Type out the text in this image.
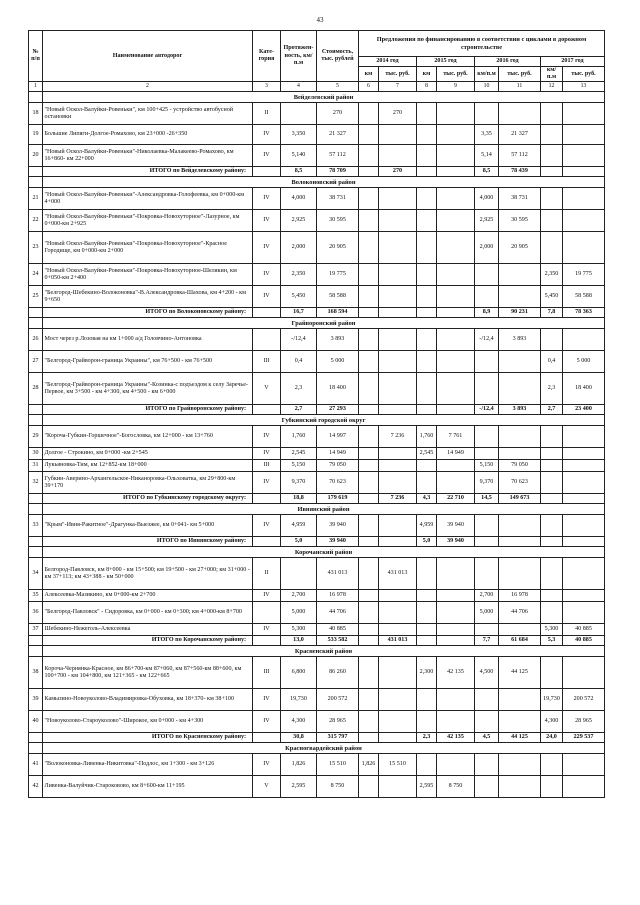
43
№ п/п	Наименование автодорог	Кате- гория	Протяжен- ность, км/п.м	Стоимость, тыс. рублей	Предложения по финансированию в соответствии с циклами в дорожном строительстве							
					2014 год		2015 год		2016 год		2017 год	
					км	тыс. руб.	км	тыс. руб.	км/п.м	тыс. руб.	км/п.м	тыс. руб.
1	2	3	4	5	6	7	8	9	10	11	12	13
	Вейделевский район											
18	"Новый Оскол-Валуйки-Ровеньки", км 100+425 - устройство автобусной остановки	II		270		270						
19	Большие Липяги-Долгое-Ромахово, км 23+000 -26+350	IV	3,350	21 327					3,35	21 327		
20	"Новый Оскол-Валуйки-Ровеньки"-Николаевка-Малакеево-Ромахово, км 16+860- км 22+000	IV	5,140	57 112					5,14	57 112		
	ИТОГО по Вейделевскому району:		8,5	78 709		270			8,5	78 439		
	Волоконовский район											
21	"Новый Оскол-Валуйки-Ровеньки"-Александровка-Голофеевка, км 0+000-км 4+000	IV	4,000	38 731					4,000	38 731		
22	"Новый Оскол-Валуйки-Ровеньки"-Покровка-Новохуторное"-Лазурное, км 0+000-км 2+925	IV	2,925	30 595					2,925	30 595		
23	"Новый Оскол-Валуйки-Ровеньки"-Покровка-Новохуторное"-Красное Городище, км 0+000-км 2+000	IV	2,000	20 905					2,000	20 905		
24	"Новый Оскол-Валуйки-Ровеньки"-Покровка-Новохуторное-Шелякин, км 0+050-км 2+400	IV	2,350	19 775							2,350	19 775
25	"Белгород-Шебекино-Волоконовка"-В.Александровка-Шахова, км 4+200 - км 9+650	IV	5,450	58 588							5,450	58 588
	ИТОГО по Волоконовскому району:		16,7	168 594					8,9	90 231	7,8	78 363
	Грайворонский район											
26	Мост через р.Лозовая на км 1+000 а/д Головчино-Антоновка		-/12,4	3 893					-/12,4	3 893		
27	"Белгород-Грайворон-граница Украины", км 76+500 - км 76+500	III	0,4	5 000							0,4	5 000
28	"Белгород-Грайворон-граница Украины"-Козинка-с подъездом к селу Заречье-Первое, км 3+500 - км 4+300, км 4+500 - км 6+000	V	2,3	18 400							2,3	18 400
	ИТОГО по Грайворонскому району:		2,7	27 293					-/12,4	3 893	2,7	23 400
	Губкинский городской округ											
29	"Короча-Губкин-Горшечное"-Богословка, км 12+000 - км 13+760	IV	1,760	14 997		7 236	1,760	7 761				
30	Долгое - Строкино, км 0+000 -км 2+545	IV	2,545	14 949			2,545	14 949				
31	Лукьяновка-Тим, км 12+852-км 18+000	III	5,150	79 050					5,150	79 050		
32	Губкин-Аверино-Архангельское-Никаноровка-Ольховатка, км 29+800-км 39+170	IV	9,370	70 623					9,370	70 623		
	ИТОГО по Губкинскому городскому округу:		18,8	179 619		7 236	4,3	22 710	14,5	149 673		
	Ивнянский район											
33	"Крым"-Ивня-Ракитное"-Драгунка-Выезжее, км 0+041- км 5+000	IV	4,959	39 940			4,959	39 940				
	ИТОГО по Ивнянскому району:		5,0	39 940			5,0	39 940				
	Корочанский район											
34	Белгород-Павловск, км 8+000 - км 15+500; км 19+500 - км 27+000; км 31+000 - км 37+113; км 43+388 - км 50+000	II		431 013		431 013						
35	Алексеевка-Мазикино, км 0+000-км 2+700	IV	2,700	16 978					2,700	16 978		
36	"Белгород-Павловск" - Сидоровка, км 0+000 - км 0+300; км 4+000-км 8+700		5,000	44 706					5,000	44 706		
37	Шебекино-Нежеголь-Алексеевка	IV	5,300	40 885							5,300	40 885
	ИТОГО по Корочанскому району:		13,0	533 582		431 013			7,7	61 684	5,3	40 885
	Красненский район											
38	Короча-Чернянка-Красное, км 86+700-км 87+060, км 87+560-км 88+600, км 100+700 - км 104+800, км 121+365 - км 122+665	III	6,800	86 260			2,300	42 135	4,500	44 125		
39	Камызино-Новоуколово-Владимировка-Обуховка, км 18+370- км 38+100	IV	19,730	200 572							19,730	200 572
40	"Новоуколово-Староуколово"-Широкое, км 0+000 - км 4+300	IV	4,300	28 965							4,300	28 965
	ИТОГО по Красненскому району:		30,8	315 797			2,3	42 135	4,5	44 125	24,0	229 537
	Красногвардейский район											
41	"Волоконовка-Ливенка-Никитовка"-Подлос, км 1+300 - км 3+126	IV	1,826	15 510	1,826	15 510						
42	Ливенка-Валуйчик-Староковово, км 8+600-км 11+195	V	2,595	8 750			2,595	8 750				
